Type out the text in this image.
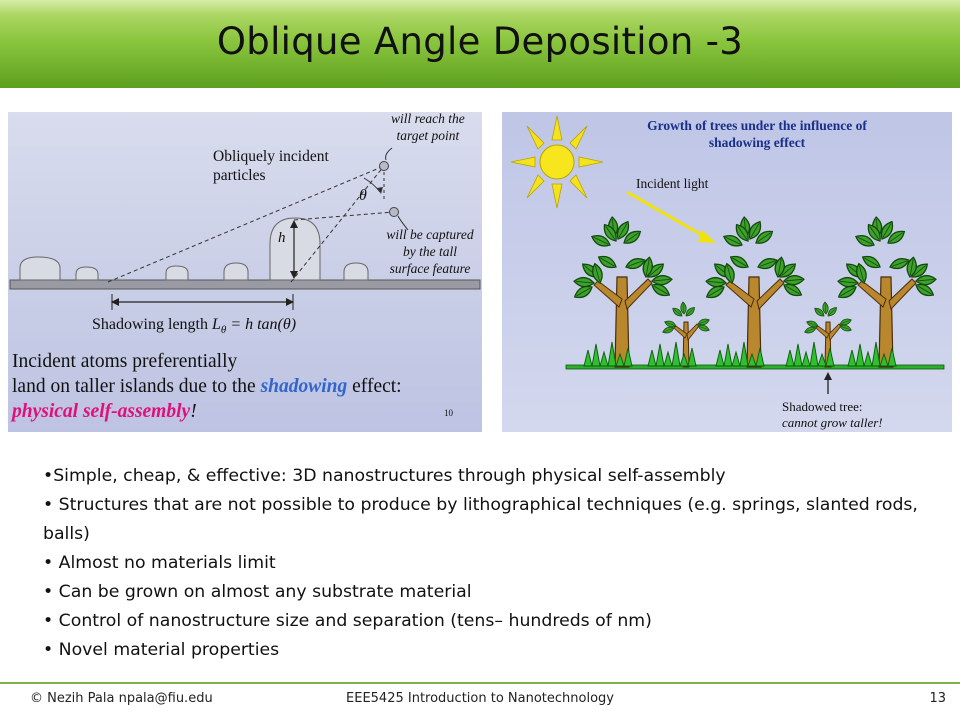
Oblique Angle Deposition -3
Obliquely incident
particles
will reach the
target point
will be captured
by the tall
surface feature
θ
h
Shadowing length $L_\theta = h$ tan(θ)
Incident atoms preferentially
land on taller islands due to the shadowing effect:
physical self-assembly!	10
Growth of trees under the influence of
shadowing effect
Incident light
Shadowed tree:
cannot grow taller!

•Simple, cheap, & effective: 3D nanostructures through physical self-assembly

• Structures that are not possible to produce by lithographical techniques (e.g. springs, slanted rods, balls)

• Almost no materials limit

• Can be grown on almost any substrate material

• Control of nanostructure size and separation (tens– hundreds of nm)

• Novel material properties

© Nezih Pala npala@fiu.edu	EEE5425 Introduction to Nanotechnology	13
